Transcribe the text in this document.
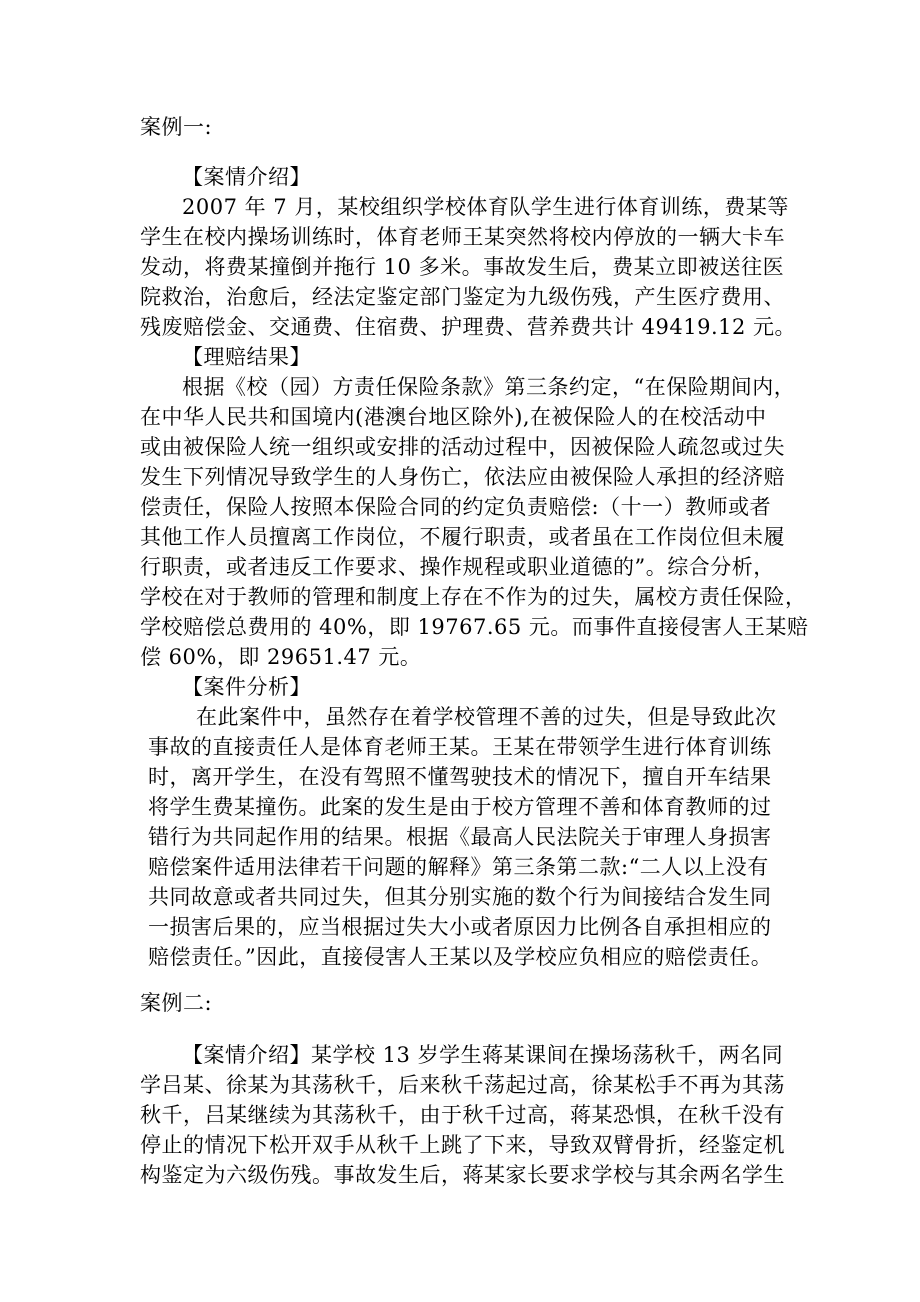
案例一:
【案情介绍】
2007 年 7 月，某校组织学校体育队学生进行体育训练，费某等
学生在校内操场训练时，体育老师王某突然将校内停放的一辆大卡车
发动，将费某撞倒并拖行 10 多米。事故发生后，费某立即被送往医
院救治，治愈后，经法定鉴定部门鉴定为九级伤残，产生医疗费用、
残废赔偿金、交通费、住宿费、护理费、营养费共计 49419.12 元。
【理赔结果】
根据《校（园）方责任保险条款》第三条约定，“在保险期间内，
在中华人民共和国境内(港澳台地区除外),在被保险人的在校活动中
或由被保险人统一组织或安排的活动过程中，因被保险人疏忽或过失
发生下列情况导致学生的人身伤亡，依法应由被保险人承担的经济赔
偿责任，保险人按照本保险合同的约定负责赔偿:（十一）教师或者
其他工作人员擅离工作岗位，不履行职责，或者虽在工作岗位但未履
行职责，或者违反工作要求、操作规程或职业道德的”。综合分析，
学校在对于教师的管理和制度上存在不作为的过失，属校方责任保险，
学校赔偿总费用的 40%，即 19767.65 元。而事件直接侵害人王某赔
偿 60%，即 29651.47 元。
【案件分析】
在此案件中，虽然存在着学校管理不善的过失，但是导致此次
事故的直接责任人是体育老师王某。王某在带领学生进行体育训练
时，离开学生，在没有驾照不懂驾驶技术的情况下，擅自开车结果
将学生费某撞伤。此案的发生是由于校方管理不善和体育教师的过
错行为共同起作用的结果。根据《最高人民法院关于审理人身损害
赔偿案件适用法律若干问题的解释》第三条第二款:“二人以上没有
共同故意或者共同过失，但其分别实施的数个行为间接结合发生同
一损害后果的，应当根据过失大小或者原因力比例各自承担相应的
赔偿责任。”因此，直接侵害人王某以及学校应负相应的赔偿责任。
案例二:
【案情介绍】某学校 13 岁学生蒋某课间在操场荡秋千，两名同
学吕某、徐某为其荡秋千，后来秋千荡起过高，徐某松手不再为其荡
秋千，吕某继续为其荡秋千，由于秋千过高，蒋某恐惧，在秋千没有
停止的情况下松开双手从秋千上跳了下来，导致双臂骨折，经鉴定机
构鉴定为六级伤残。事故发生后，蒋某家长要求学校与其余两名学生
